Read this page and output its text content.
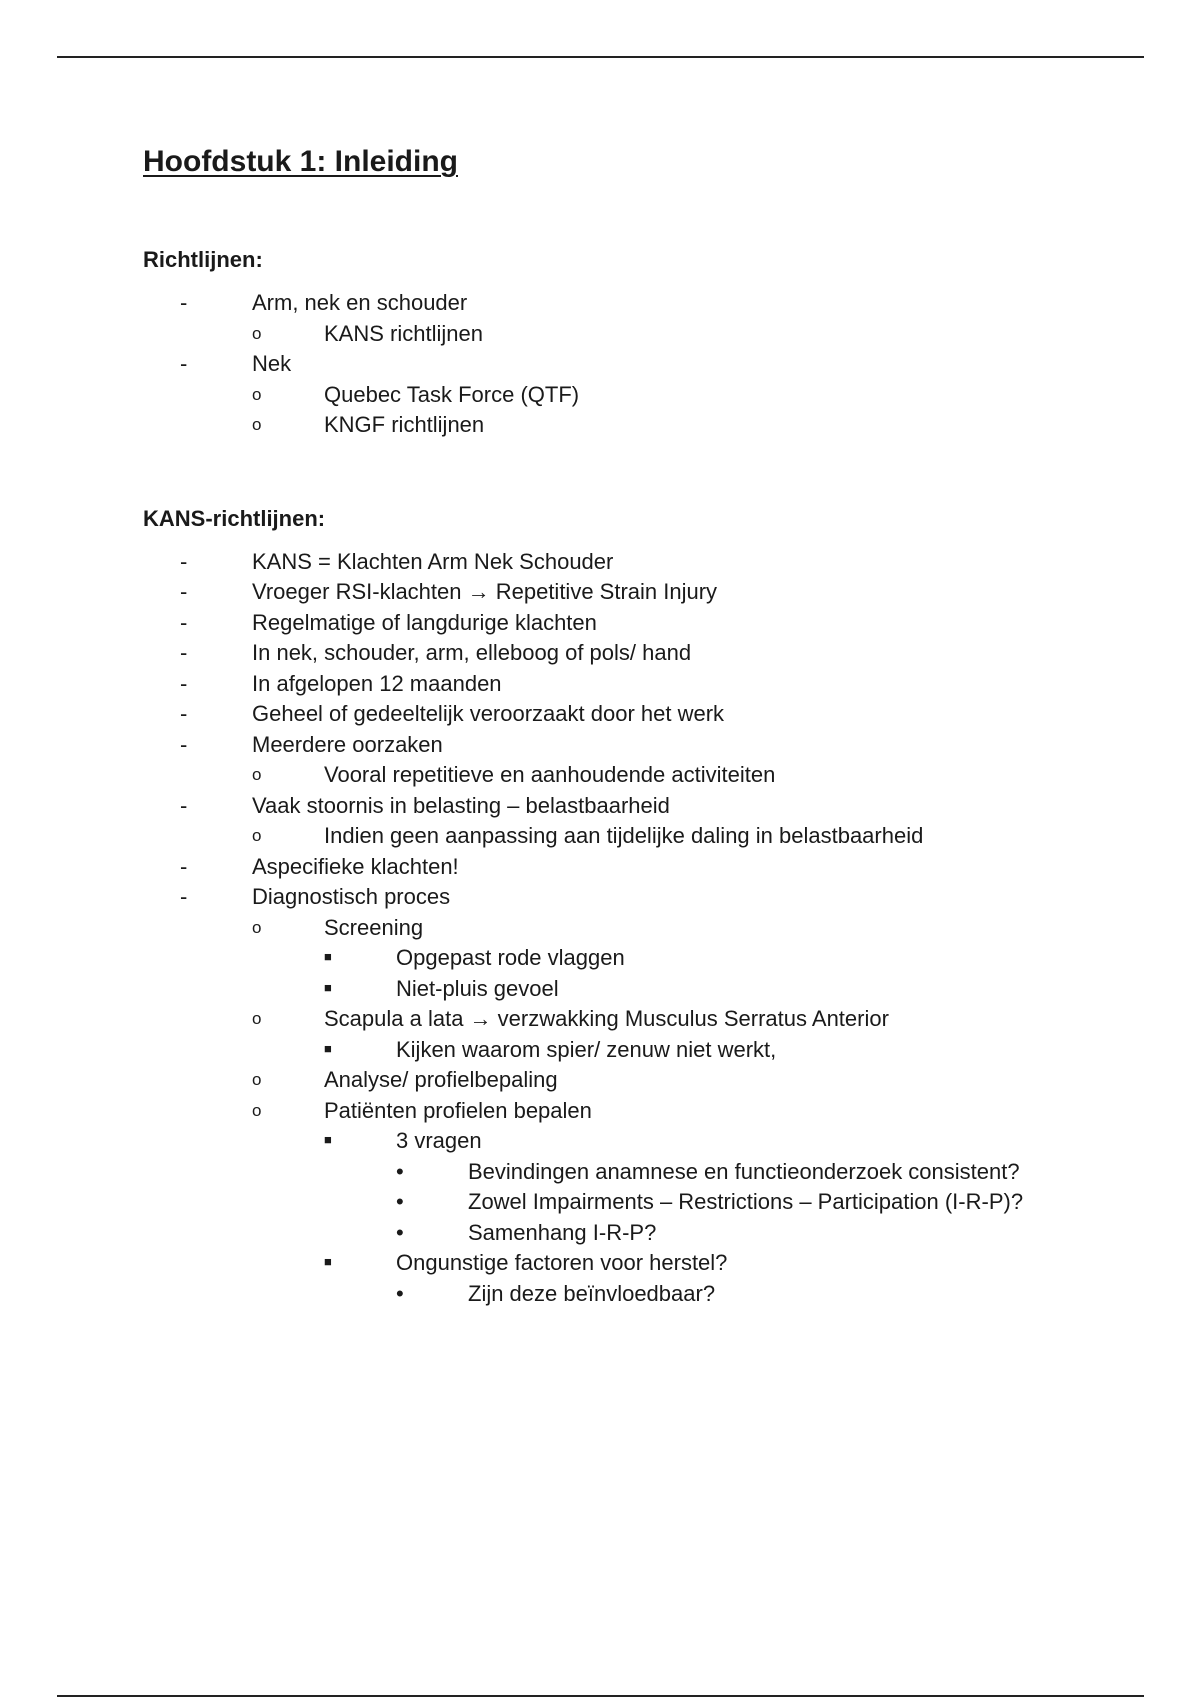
Hoofdstuk 1: Inleiding
Richtlijnen:
-	Arm, nek en schouder
o	KANS richtlijnen
-	Nek
o	Quebec Task Force (QTF)
o	KNGF richtlijnen
KANS-richtlijnen:
-	KANS = Klachten Arm Nek Schouder
-	Vroeger RSI-klachten → Repetitive Strain Injury
-	Regelmatige of langdurige klachten
-	In nek, schouder, arm, elleboog of pols/ hand
-	In afgelopen 12 maanden
-	Geheel of gedeeltelijk veroorzaakt door het werk
-	Meerdere oorzaken
o	Vooral repetitieve en aanhoudende activiteiten
-	Vaak stoornis in belasting – belastbaarheid
o	Indien geen aanpassing aan tijdelijke daling in belastbaarheid
-	Aspecifieke klachten!
-	Diagnostisch proces
o	Screening
■	Opgepast rode vlaggen
■	Niet-pluis gevoel
o	Scapula a lata → verzwakking Musculus Serratus Anterior
■	Kijken waarom spier/ zenuw niet werkt,
o	Analyse/ profielbepaling
o	Patiënten profielen bepalen
■	3 vragen
•	Bevindingen anamnese en functieonderzoek consistent?
•	Zowel Impairments – Restrictions – Participation (I-R-P)?
•	Samenhang I-R-P?
■	Ongunstige factoren voor herstel?
•	Zijn deze beïnvloedbaar?
